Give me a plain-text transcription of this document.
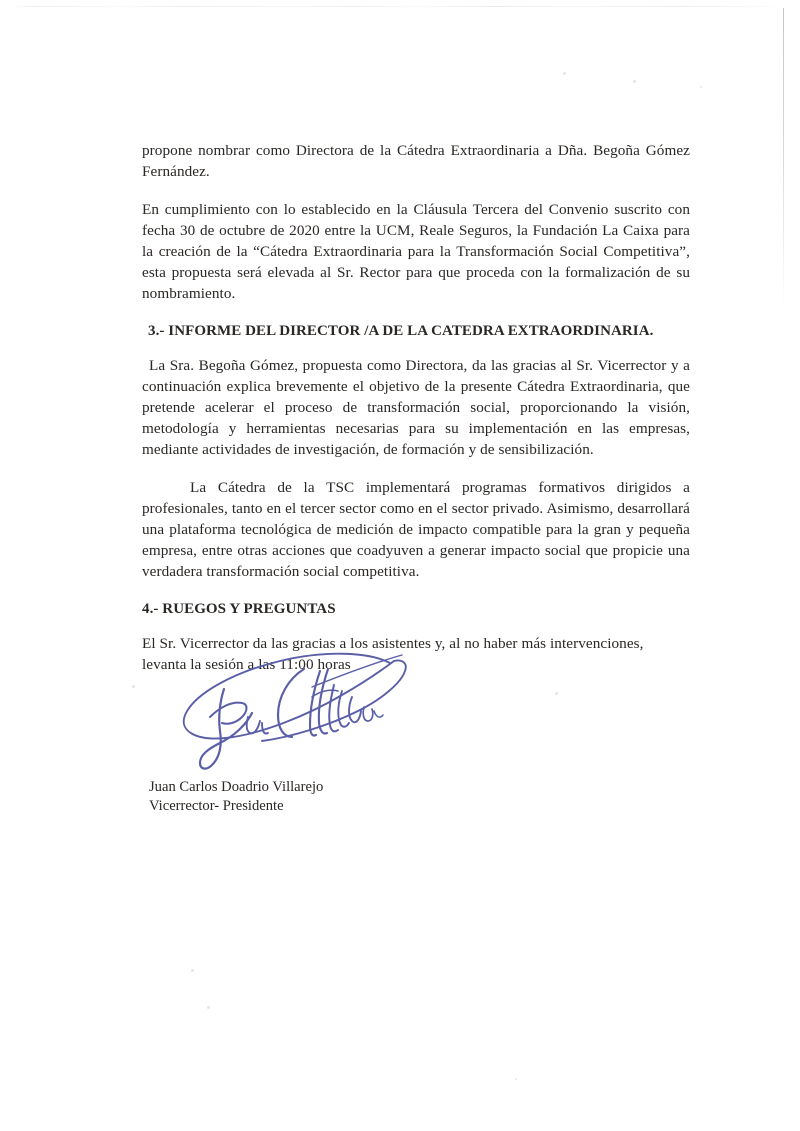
propone nombrar como Directora de la Cátedra Extraordinaria a Dña. Begoña Gómez Fernández.

En cumplimiento con lo establecido en la Cláusula Tercera del Convenio suscrito con fecha 30 de octubre de 2020 entre la UCM, Reale Seguros, la Fundación La Caixa para la creación de la “Cátedra Extraordinaria para la Transformación Social Competitiva”, esta propuesta será elevada al Sr. Rector para que proceda con la formalización de su nombramiento.

3.- INFORME DEL DIRECTOR /A DE LA CATEDRA EXTRAORDINARIA.

La Sra. Begoña Gómez, propuesta como Directora, da las gracias al Sr. Vicerrector y a continuación explica brevemente el objetivo de la presente Cátedra Extraordinaria, que pretende acelerar el proceso de transformación social, proporcionando la visión, metodología y herramientas necesarias para su implementación en las empresas, mediante actividades de investigación, de formación y de sensibilización.

La Cátedra de la TSC implementará programas formativos dirigidos a profesionales, tanto en el tercer sector como en el sector privado. Asimismo, desarrollará una plataforma tecnológica de medición de impacto compatible para la gran y pequeña empresa, entre otras acciones que coadyuven a generar impacto social que propicie una verdadera transformación social competitiva.

4.- RUEGOS Y PREGUNTAS

El Sr. Vicerrector da las gracias a los asistentes y, al no haber más intervenciones, levanta la sesión a las 11:00 horas

Juan Carlos Doadrio Villarejo
Vicerrector- Presidente
